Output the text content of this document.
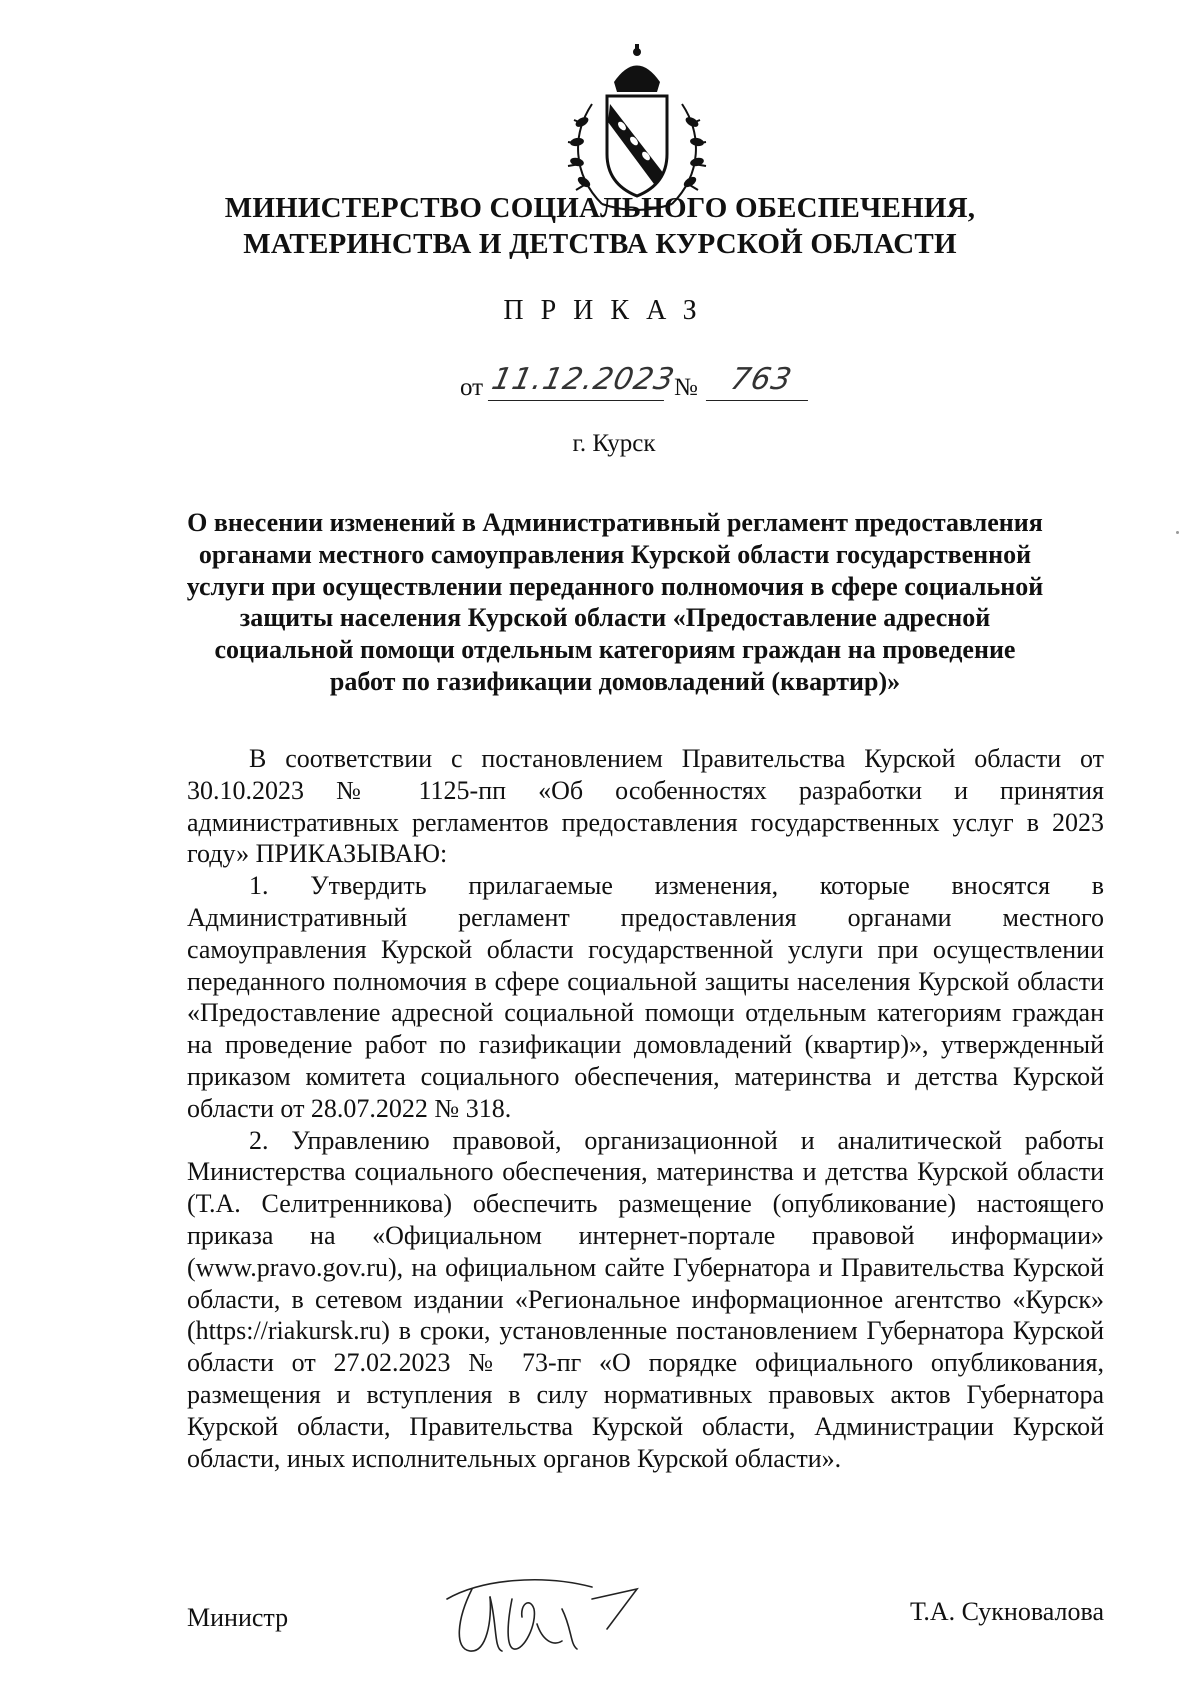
МИНИСТЕРСТВО СОЦИАЛЬНОГО ОБЕСПЕЧЕНИЯ,
МАТЕРИНСТВА И ДЕТСТВА КУРСКОЙ ОБЛАСТИ
ПРИКАЗ
от 11.12.2023
№ 763
г. Курск
О внесении изменений в Административный регламент предоставления органами местного самоуправления Курской области государственной услуги при осуществлении переданного полномочия в сфере социальной защиты населения Курской области «Предоставление адресной социальной помощи отдельным категориям граждан на проведение работ по газификации домовладений (квартир)»

В соответствии с постановлением Правительства Курской области от 30.10.2023 № 1125-пп «Об особенностях разработки и принятия административных регламентов предоставления государственных услуг в 2023 году» ПРИКАЗЫВАЮ:

1. Утвердить прилагаемые изменения, которые вносятся в Административный регламент предоставления органами местного самоуправления Курской области государственной услуги при осуществлении переданного полномочия в сфере социальной защиты населения Курской области «Предоставление адресной социальной помощи отдельным категориям граждан на проведение работ по газификации домовладений (квартир)», утвержденный приказом комитета социального обеспечения, материнства и детства Курской области от 28.07.2022 № 318.

2. Управлению правовой, организационной и аналитической работы Министерства социального обеспечения, материнства и детства Курской области (Т.А. Селитренникова) обеспечить размещение (опубликование) настоящего приказа на «Официальном интернет-портале правовой информации» (www.pravo.gov.ru), на официальном сайте Губернатора и Правительства Курской области, в сетевом издании «Региональное информационное агентство «Курск» (https://riakursk.ru) в сроки, установленные постановлением Губернатора Курской области от 27.02.2023 № 73-пг «О порядке официального опубликования, размещения и вступления в силу нормативных правовых актов Губернатора Курской области, Правительства Курской области, Администрации Курской области, иных исполнительных органов Курской области».

Министр	Т.А. Сукновалова
